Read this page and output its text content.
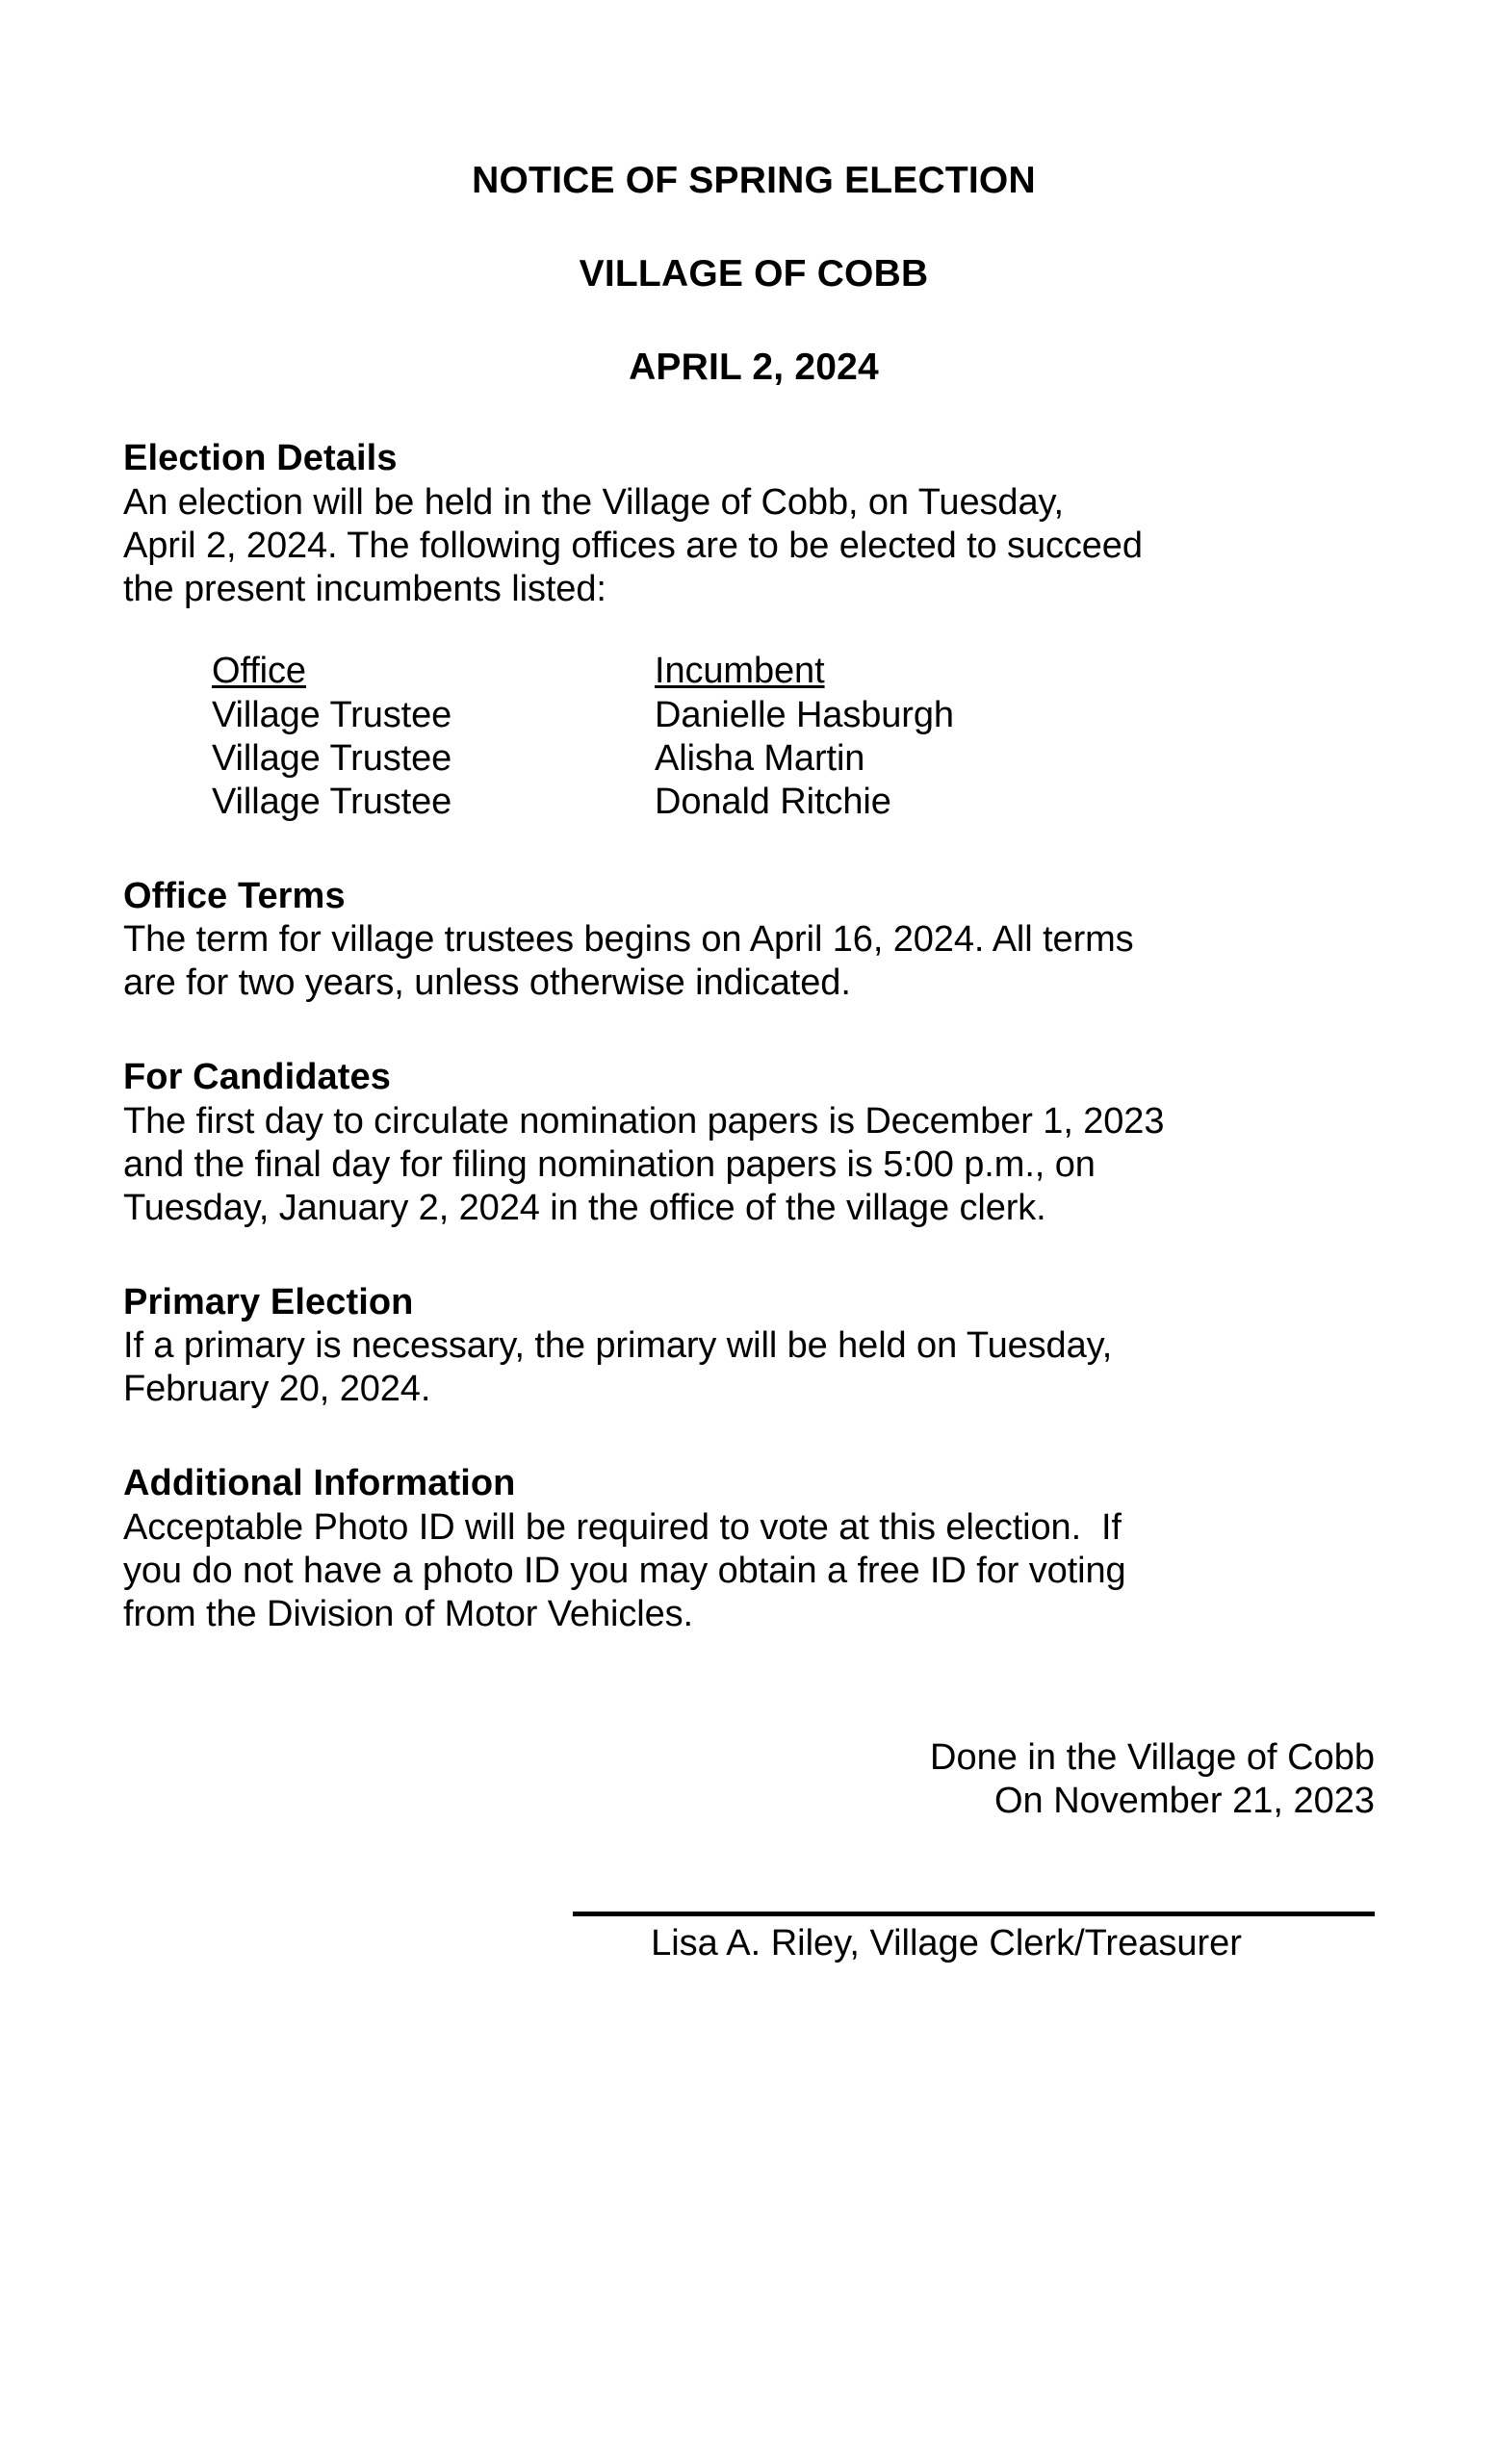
NOTICE OF SPRING ELECTION
VILLAGE OF COBB
APRIL 2, 2024
Election Details

An election will be held in the Village of Cobb, on Tuesday,

April 2, 2024. The following offices are to be elected to succeed

the present incumbents listed:

Office	Incumbent
Village Trustee	Danielle Hasburgh
Village Trustee	Alisha Martin
Village Trustee	Donald Ritchie
Office Terms

The term for village trustees begins on April 16, 2024. All terms

are for two years, unless otherwise indicated.

For Candidates

The first day to circulate nomination papers is December 1, 2023

and the final day for filing nomination papers is 5:00 p.m., on

Tuesday, January 2, 2024 in the office of the village clerk.

Primary Election

If a primary is necessary, the primary will be held on Tuesday,

February 20, 2024.

Additional Information

Acceptable Photo ID will be required to vote at this election.  If

you do not have a photo ID you may obtain a free ID for voting

from the Division of Motor Vehicles.

Done in the Village of Cobb
On November 21, 2023
Lisa A. Riley, Village Clerk/Treasurer
